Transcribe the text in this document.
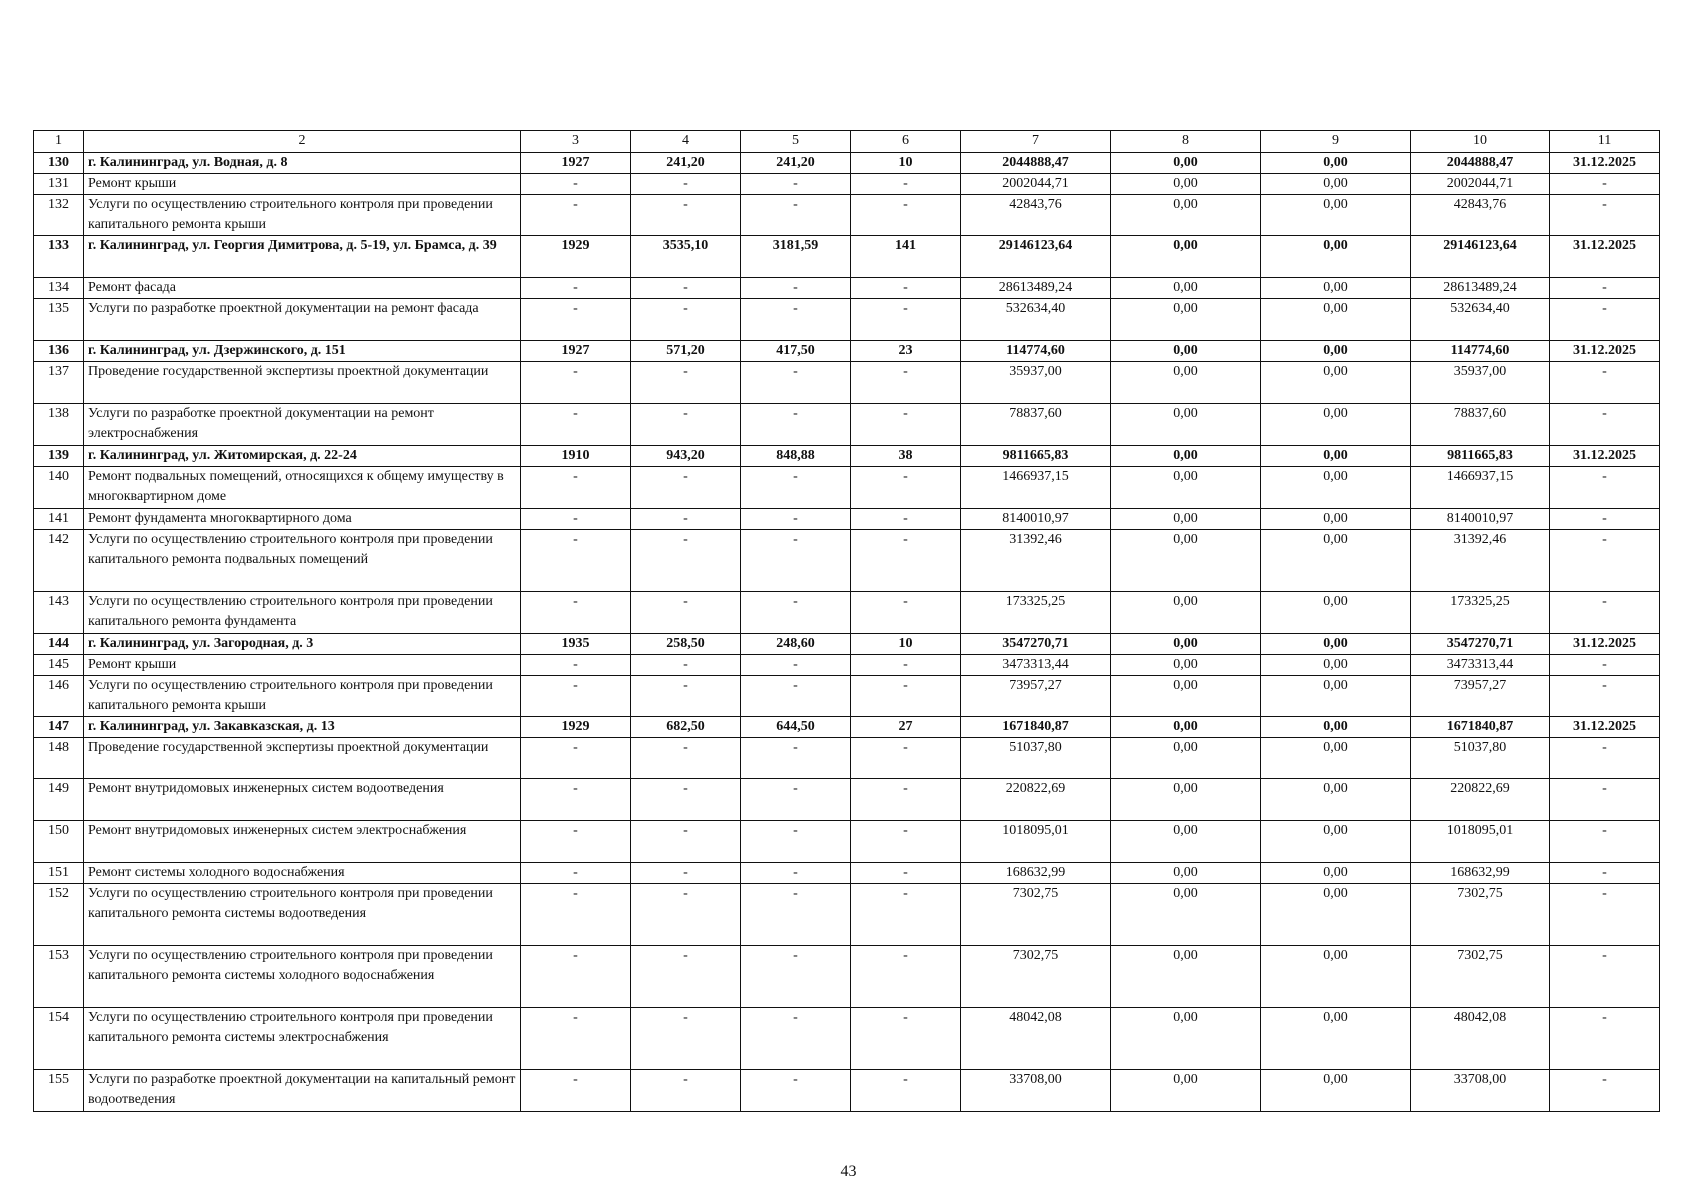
1	2	3	4	5	6	7	8	9	10	11
130	г. Калининград, ул. Водная, д. 8	1927	241,20	241,20	10	2044888,47	0,00	0,00	2044888,47	31.12.2025
131	Ремонт крыши	-	-	-	-	2002044,71	0,00	0,00	2002044,71	-
132	Услуги по осуществлению строительного контроля при проведении капитального ремонта крыши	-	-	-	-	42843,76	0,00	0,00	42843,76	-
133	г. Калининград, ул. Георгия Димитрова, д. 5-19, ул. Брамса, д. 39	1929	3535,10	3181,59	141	29146123,64	0,00	0,00	29146123,64	31.12.2025
134	Ремонт фасада	-	-	-	-	28613489,24	0,00	0,00	28613489,24	-
135	Услуги по разработке проектной документации на ремонт фасада	-	-	-	-	532634,40	0,00	0,00	532634,40	-
136	г. Калининград, ул. Дзержинского, д. 151	1927	571,20	417,50	23	114774,60	0,00	0,00	114774,60	31.12.2025
137	Проведение государственной экспертизы проектной документации	-	-	-	-	35937,00	0,00	0,00	35937,00	-
138	Услуги по разработке проектной документации на ремонт электроснабжения	-	-	-	-	78837,60	0,00	0,00	78837,60	-
139	г. Калининград, ул. Житомирская, д. 22-24	1910	943,20	848,88	38	9811665,83	0,00	0,00	9811665,83	31.12.2025
140	Ремонт подвальных помещений, относящихся к общему имуществу в многоквартирном доме	-	-	-	-	1466937,15	0,00	0,00	1466937,15	-
141	Ремонт фундамента многоквартирного дома	-	-	-	-	8140010,97	0,00	0,00	8140010,97	-
142	Услуги по осуществлению строительного контроля при проведении капитального ремонта подвальных помещений	-	-	-	-	31392,46	0,00	0,00	31392,46	-
143	Услуги по осуществлению строительного контроля при проведении капитального ремонта фундамента	-	-	-	-	173325,25	0,00	0,00	173325,25	-
144	г. Калининград, ул. Загородная, д. 3	1935	258,50	248,60	10	3547270,71	0,00	0,00	3547270,71	31.12.2025
145	Ремонт крыши	-	-	-	-	3473313,44	0,00	0,00	3473313,44	-
146	Услуги по осуществлению строительного контроля при проведении капитального ремонта крыши	-	-	-	-	73957,27	0,00	0,00	73957,27	-
147	г. Калининград, ул. Закавказская, д. 13	1929	682,50	644,50	27	1671840,87	0,00	0,00	1671840,87	31.12.2025
148	Проведение государственной экспертизы проектной документации	-	-	-	-	51037,80	0,00	0,00	51037,80	-
149	Ремонт внутридомовых инженерных систем водоотведения	-	-	-	-	220822,69	0,00	0,00	220822,69	-
150	Ремонт внутридомовых инженерных систем электроснабжения	-	-	-	-	1018095,01	0,00	0,00	1018095,01	-
151	Ремонт системы холодного водоснабжения	-	-	-	-	168632,99	0,00	0,00	168632,99	-
152	Услуги по осуществлению строительного контроля при проведении капитального ремонта системы водоотведения	-	-	-	-	7302,75	0,00	0,00	7302,75	-
153	Услуги по осуществлению строительного контроля при проведении капитального ремонта системы холодного водоснабжения	-	-	-	-	7302,75	0,00	0,00	7302,75	-
154	Услуги по осуществлению строительного контроля при проведении капитального ремонта системы электроснабжения	-	-	-	-	48042,08	0,00	0,00	48042,08	-
155	Услуги по разработке проектной документации на капитальный ремонт водоотведения	-	-	-	-	33708,00	0,00	0,00	33708,00	-
43
